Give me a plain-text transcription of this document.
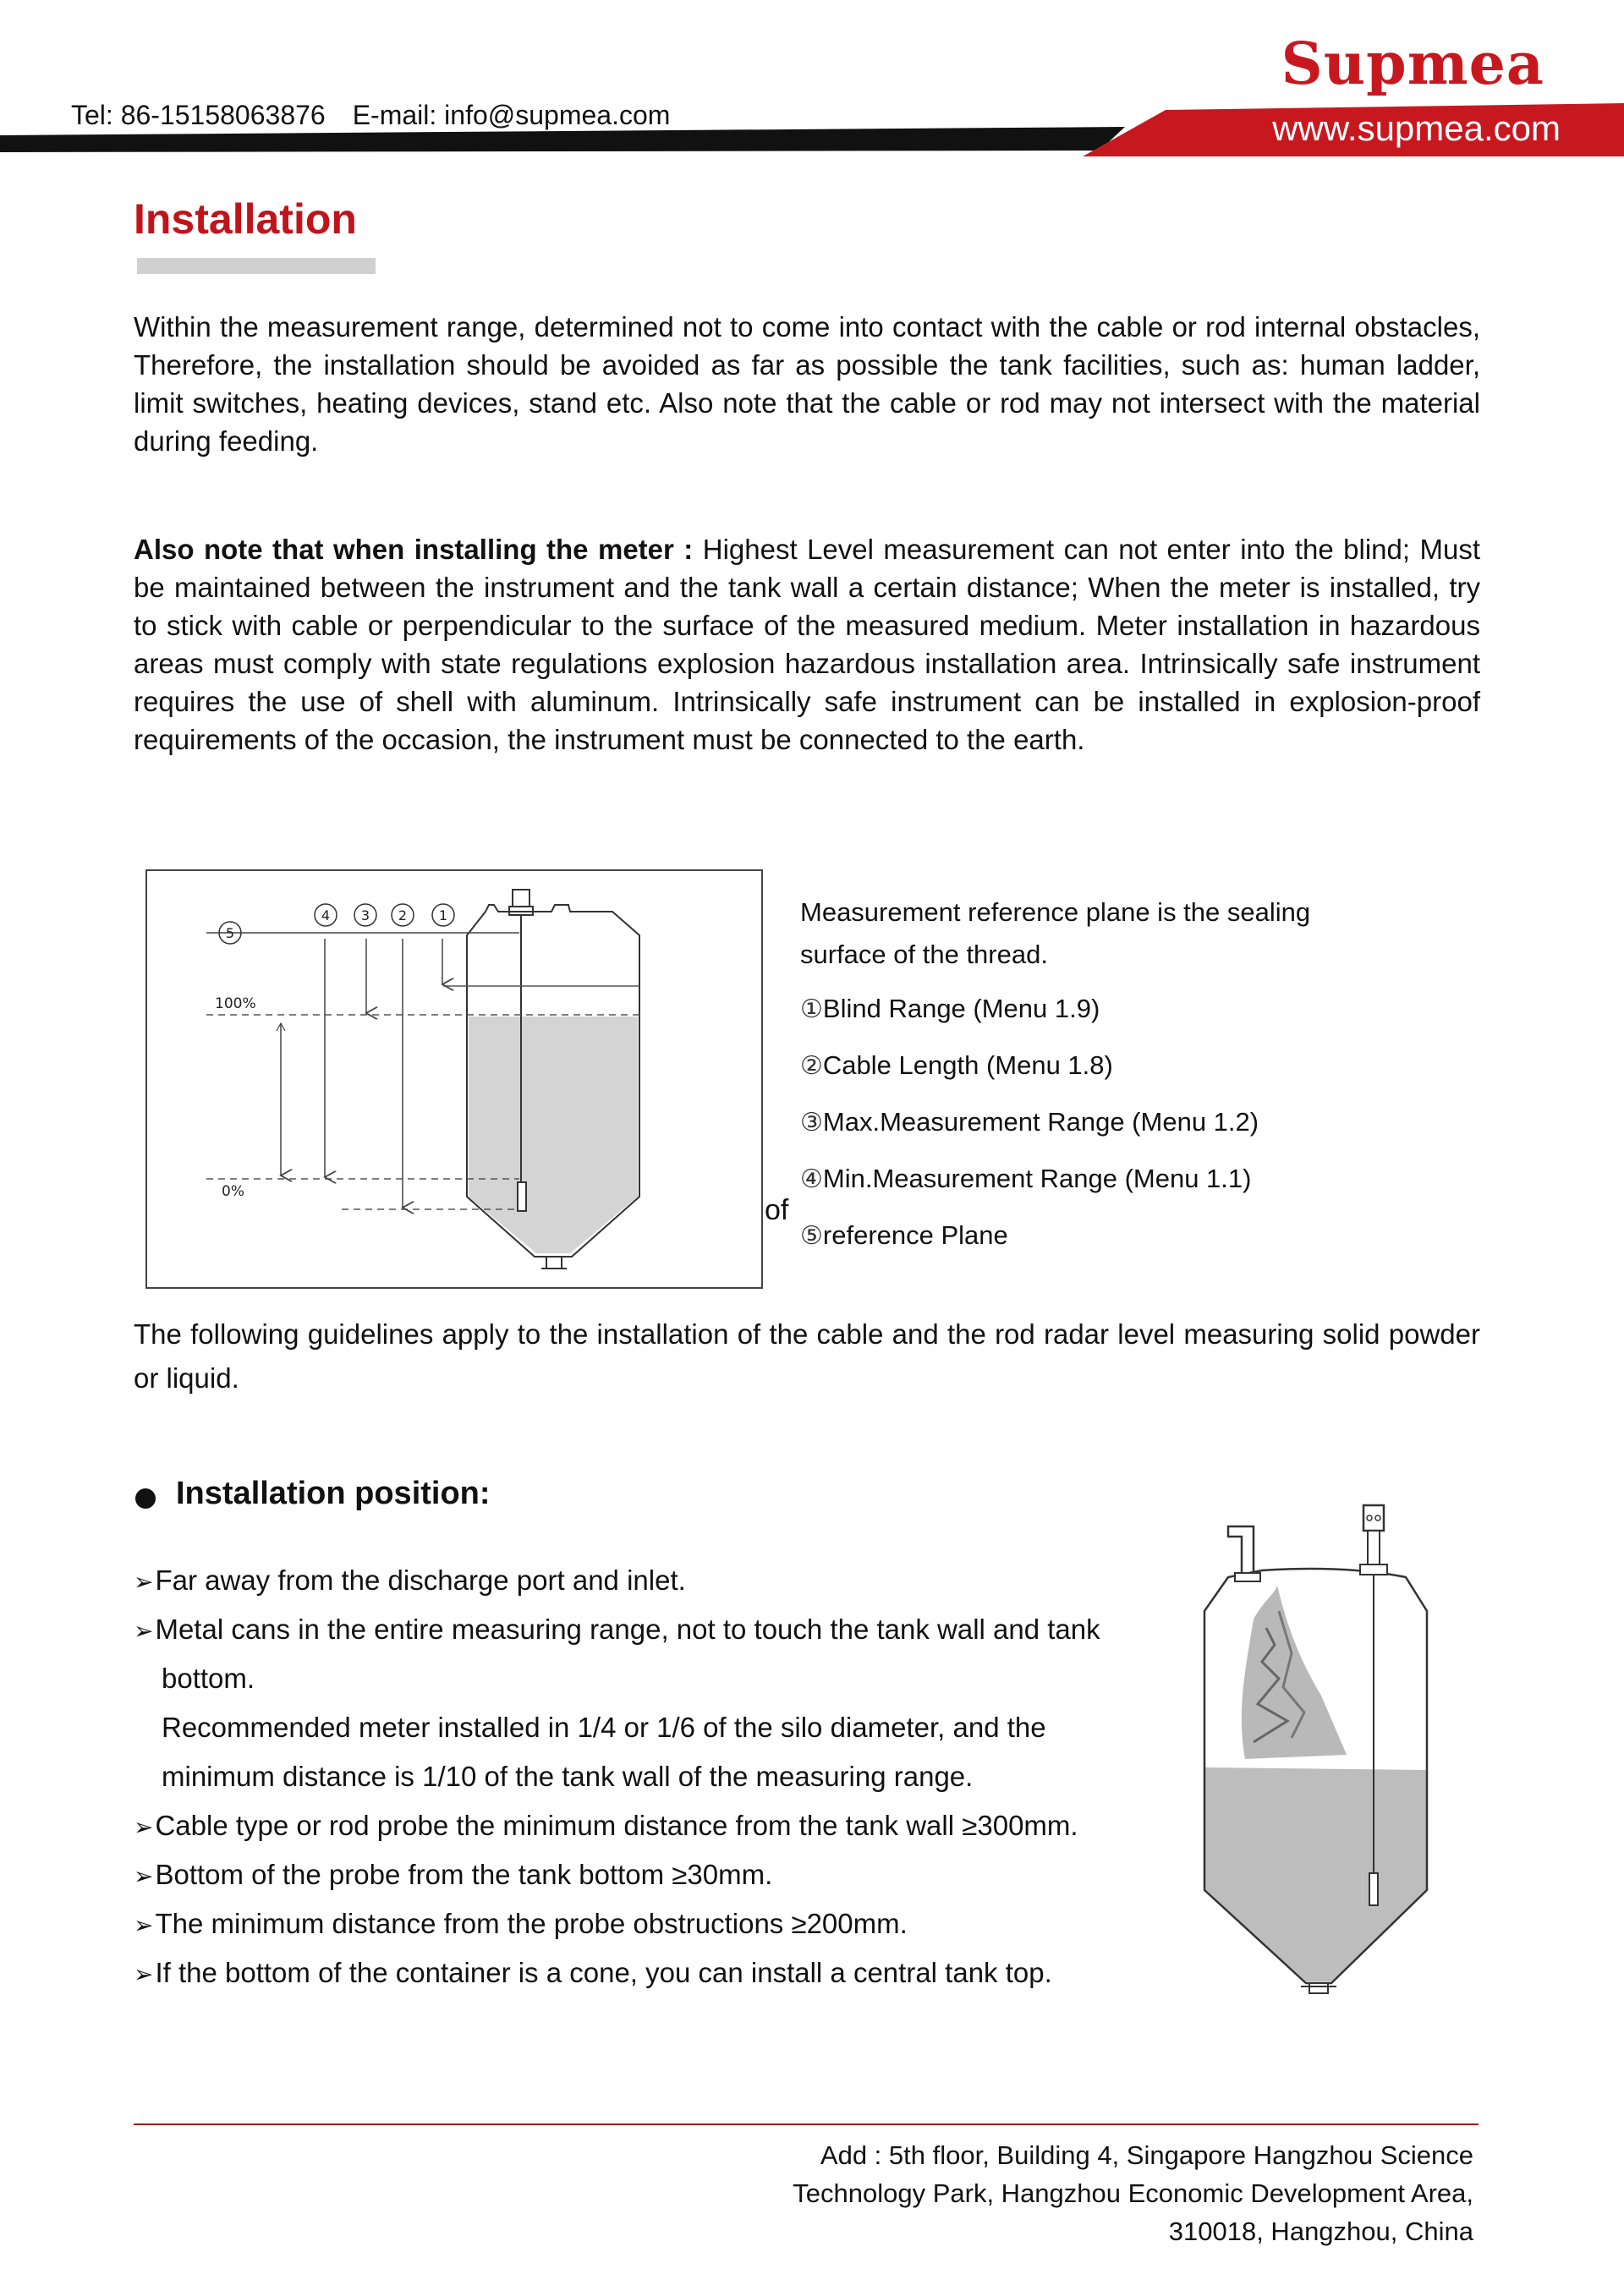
Tel: 86-15158063876 E-mail: info@supmea.com
Supmea
www.supmea.com
Installation

Within the measurement range, determined not to come into contact with the cable or rod internal obstacles, Therefore, the installation should be avoided as far as possible the tank facilities, such as: human ladder, limit switches, heating devices, stand etc. Also note that the cable or rod may not intersect with the material during feeding.

Also note that when installing the meter : Highest Level measurement can not enter into the blind; Must be maintained between the instrument and the tank wall a certain distance; When the meter is installed, try to stick with cable or perpendicular to the surface of the measured medium. Meter installation in hazardous areas must comply with state regulations explosion hazardous installation area. Intrinsically safe instrument requires the use of shell with aluminum. Intrinsically safe instrument can be installed in explosion-proof requirements of the occasion, the instrument must be connected to the earth.

4 3 2 1
5
100%
0%
of
Measurement reference plane is the sealing
surface of the thread.
①Blind Range (Menu 1.9)
②Cable Length (Menu 1.8)
③Max.Measurement Range (Menu 1.2)
④Min.Measurement Range (Menu 1.1)
⑤reference Plane

The following guidelines apply to the installation of the cable and the rod radar level measuring solid powder or liquid.

Installation position:
➢Far away from the discharge port and inlet.
➢Metal cans in the entire measuring range, not to touch the tank wall and tank
bottom.
Recommended meter installed in 1/4 or 1/6 of the silo diameter, and the
minimum distance is 1/10 of the tank wall of the measuring range.
➢Cable type or rod probe the minimum distance from the tank wall ≥300mm.
➢Bottom of the probe from the tank bottom ≥30mm.
➢The minimum distance from the probe obstructions ≥200mm.
➢If the bottom of the container is a cone, you can install a central tank top.
Add : 5th floor, Building 4, Singapore Hangzhou Science
Technology Park, Hangzhou Economic Development Area,
310018, Hangzhou, China
